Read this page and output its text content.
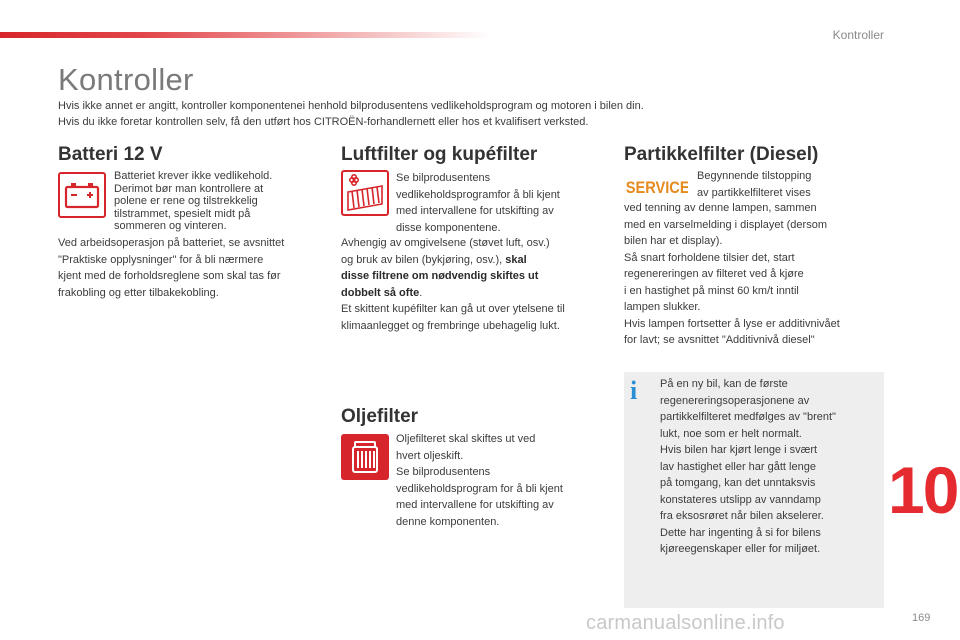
Kontroller
Kontroller

Hvis ikke annet er angitt, kontroller komponentenei henhold bilprodusentens vedlikeholdsprogram og motoren i bilen din.

Hvis du ikke foretar kontrollen selv, få den utført hos CITROËN-forhandlernett eller hos et kvalifisert verksted.

Batteri 12 V

Batteriet krever ikke vedlikehold.

Derimot bør man kontrollere at

polene er rene og tilstrekkelig

tilstrammet, spesielt midt på

sommeren og vinteren.

Ved arbeidsoperasjon på batteriet, se avsnittet

"Praktiske opplysninger" for å bli nærmere

kjent med de forholdsreglene som skal tas før

frakobling og etter tilbakekobling.

Luftfilter og kupéfilter

Se bilprodusentens

vedlikeholdsprogramfor å bli kjent

med intervallene for utskifting av

disse komponentene.

Avhengig av omgivelsene (støvet luft, osv.)

og bruk av bilen (bykjøring, osv.), skal

disse filtrene om nødvendig skiftes ut

dobbelt så ofte.

Et skittent kupéfilter kan gå ut over ytelsene til

klimaanlegget og frembringe ubehagelig lukt.

Oljefilter

Oljefilteret skal skiftes ut ved

hvert oljeskift.

Se bilprodusentens

vedlikeholdsprogram for å bli kjent

med intervallene for utskifting av

denne komponenten.

Partikkelfilter (Diesel)
SERVICE

Begynnende tilstopping

av partikkelfilteret vises

ved tenning av denne lampen, sammen

med en varselmelding i displayet (dersom

bilen har et display).

Så snart forholdene tilsier det, start

regenereringen av filteret ved å kjøre

i en hastighet på minst 60 km/t inntil

lampen slukker.

Hvis lampen fortsetter å lyse er additivnivået

for lavt; se avsnittet "Additivnivå diesel"

i På en ny bil, kan de første

regenereringsoperasjonene av

partikkelfilteret medfølges av "brent"

lukt, noe som er helt normalt.

Hvis bilen har kjørt lenge i svært

lav hastighet eller har gått lenge

på tomgang, kan det unntaksvis

konstateres utslipp av vanndamp

fra eksosrøret når bilen akselerer.

Dette har ingenting å si for bilens

kjøreegenskaper eller for miljøet.

10
carmanualsonline.info	169
